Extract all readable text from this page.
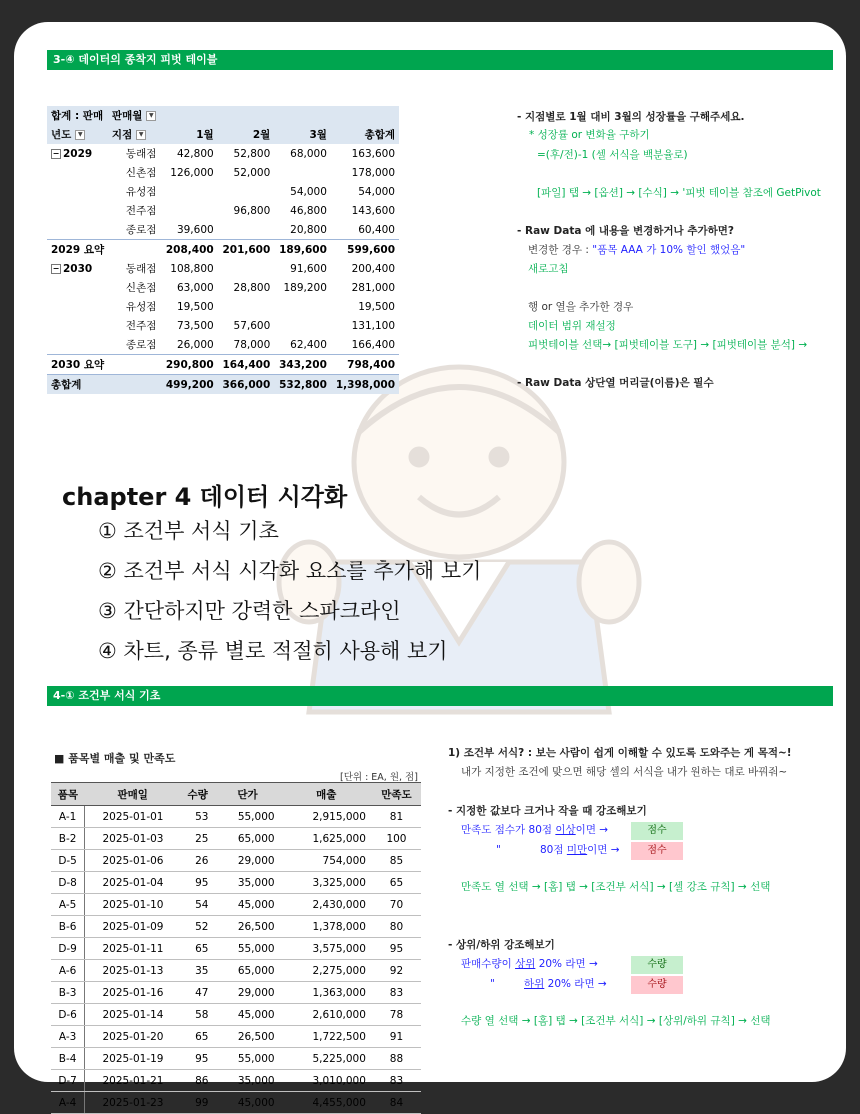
3-④ 데이터의 종착지 피벗 테이블
합계 : 판매	판매월 ▼				
년도 ▼	지점 ▼	1월	2월	3월	총합계
− 2029	동래점	42,800	52,800	68,000	163,600
	신촌점	126,000	52,000		178,000
	유성점			54,000	54,000
	전주점		96,800	46,800	143,600
	종로점	39,600		20,800	60,400
2029 요약		208,400	201,600	189,600	599,600
− 2030	동래점	108,800		91,600	200,400
	신촌점	63,000	28,800	189,200	281,000
	유성점	19,500			19,500
	전주점	73,500	57,600		131,100
	종로점	26,000	78,000	62,400	166,400
2030 요약		290,800	164,400	343,200	798,400
총합계		499,200	366,000	532,800	1,398,000
- 지점별로 1월 대비 3월의 성장률을 구해주세요.
* 성장률 or 변화율 구하기
=(후/전)-1 (셀 서식을 백분율로)
[파일] 탭 → [옵션] → [수식] → '피벗 테이블 참조에 GetPivot
- Raw Data 에 내용을 변경하거나 추가하면?
변경한 경우 : "품목 AAA 가 10% 할인 했었음"
새로고침
행 or 열을 추가한 경우
데이터 범위 재설정
피벗테이블 선택→ [피벗테이블 도구] → [피벗테이블 분석] →
- Raw Data 상단열 머리글(이름)은 필수
chapter 4 데이터 시각화
① 조건부 서식 기초
② 조건부 서식 시각화 요소를 추가해 보기
③ 간단하지만 강력한 스파크라인
④ 차트, 종류 별로 적절히 사용해 보기
4-① 조건부 서식 기초
■ 품목별 매출 및 만족도
[단위 : EA, 원, 점]
품목	판매일	수량	단가	매출	만족도
A-1	2025-01-01	53	55,000	2,915,000	81
B-2	2025-01-03	25	65,000	1,625,000	100
D-5	2025-01-06	26	29,000	754,000	85
D-8	2025-01-04	95	35,000	3,325,000	65
A-5	2025-01-10	54	45,000	2,430,000	70
B-6	2025-01-09	52	26,500	1,378,000	80
D-9	2025-01-11	65	55,000	3,575,000	95
A-6	2025-01-13	35	65,000	2,275,000	92
B-3	2025-01-16	47	29,000	1,363,000	83
D-6	2025-01-14	58	45,000	2,610,000	78
A-3	2025-01-20	65	26,500	1,722,500	91
B-4	2025-01-19	95	55,000	5,225,000	88
D-7	2025-01-21	86	35,000	3,010,000	83
A-4	2025-01-23	99	45,000	4,455,000	84
1) 조건부 서식? : 보는 사람이 쉽게 이해할 수 있도록 도와주는 게 목적~!
내가 지정한 조건에 맞으면 해당 셀의 서식을 내가 원하는 대로 바꿔줘~
- 지정한 값보다 크거나 작을 때 강조해보기
만족도 점수가 80점 이상이면 →	점수
"	80점 미만이면 →	점수
만족도 열 선택 → [홈] 탭 → [조건부 서식] → [셀 강조 규칙] → 선택
- 상위/하위 강조해보기
판매수량이 상위 20% 라면 →	수량
"	하위 20% 라면 →	수량
수량 열 선택 → [홈] 탭 → [조건부 서식] → [상위/하위 규칙] → 선택
